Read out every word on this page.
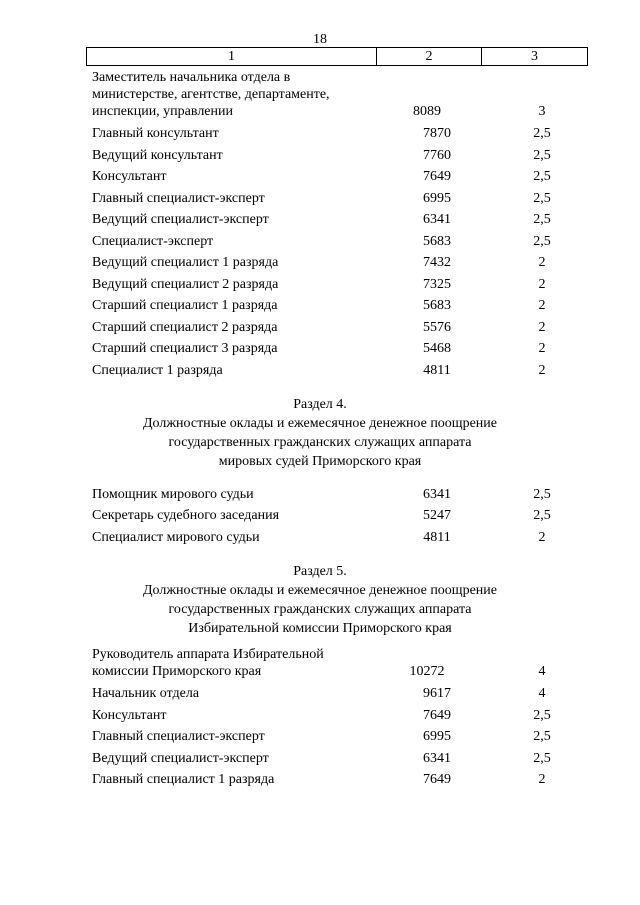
18
1	2	3
Заместитель начальника отдела в министерстве, агентстве, департаменте, инспекции, управлении	8089	3
Главный консультант	7870	2,5
Ведущий консультант	7760	2,5
Консультант	7649	2,5
Главный специалист-эксперт	6995	2,5
Ведущий специалист-эксперт	6341	2,5
Специалист-эксперт	5683	2,5
Ведущий специалист 1 разряда	7432	2
Ведущий специалист 2 разряда	7325	2
Старший специалист 1 разряда	5683	2
Старший специалист 2 разряда	5576	2
Старший специалист 3 разряда	5468	2
Специалист 1 разряда	4811	2
Раздел 4.
Должностные оклады и ежемесячное денежное поощрение
государственных гражданских служащих аппарата
мировых судей Приморского края
Помощник мирового судьи	6341	2,5
Секретарь судебного заседания	5247	2,5
Специалист мирового судьи	4811	2
Раздел 5.
Должностные оклады и ежемесячное денежное поощрение
государственных гражданских служащих аппарата
Избирательной комиссии Приморского края
Руководитель аппарата Избирательной комиссии Приморского края	10272	4
Начальник отдела	9617	4
Консультант	7649	2,5
Главный специалист-эксперт	6995	2,5
Ведущий специалист-эксперт	6341	2,5
Главный специалист 1 разряда	7649	2
